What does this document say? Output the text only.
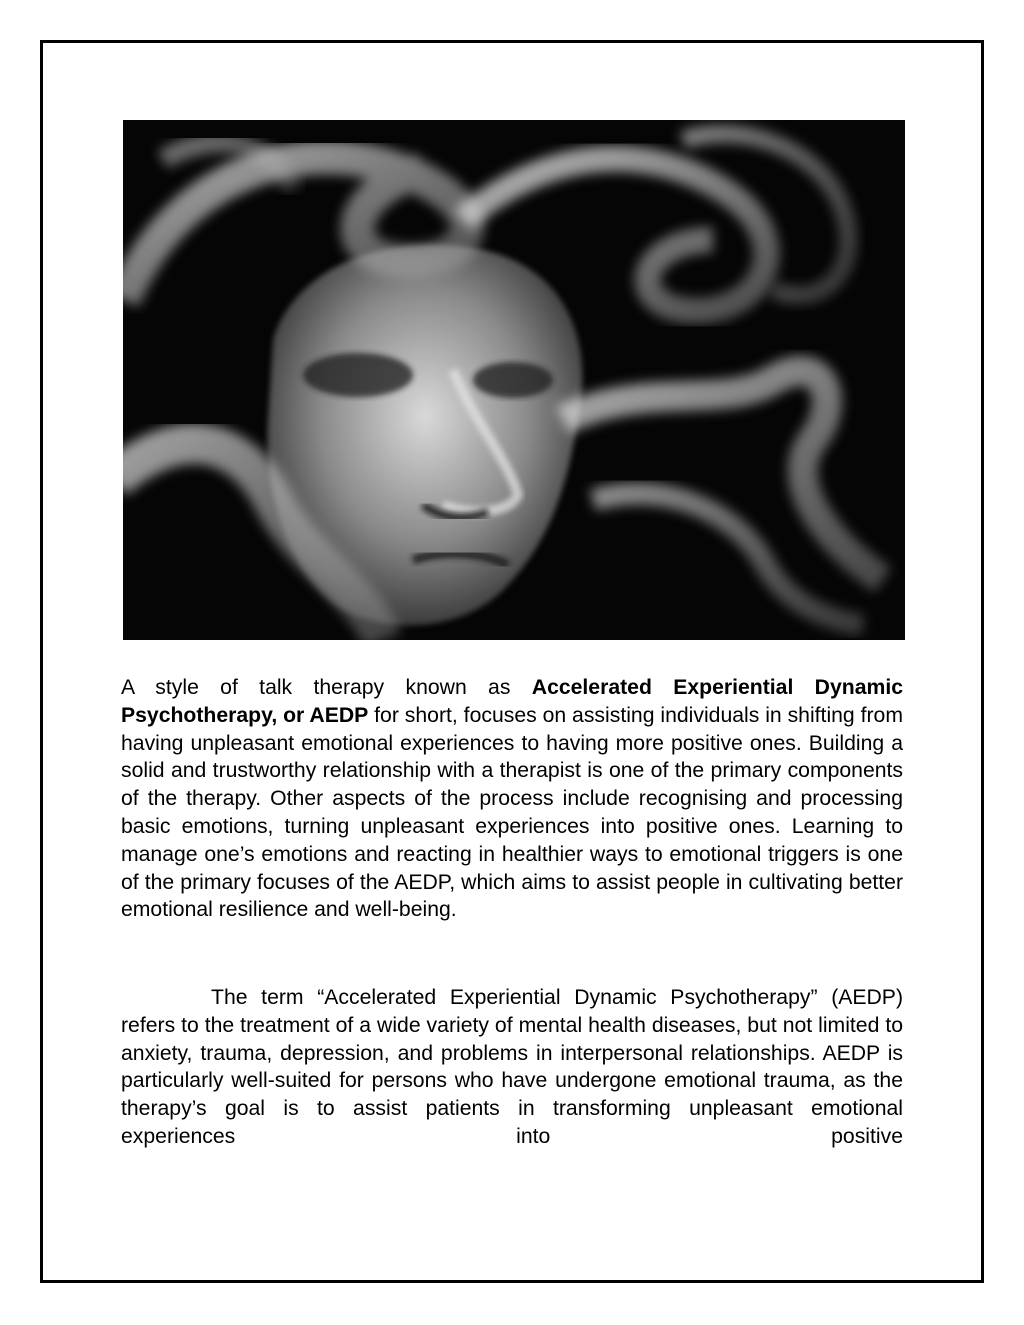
A style of talk therapy known as Accelerated Experiential Dynamic Psychotherapy, or AEDP for short, focuses on assisting individuals in shifting from having unpleasant emotional experiences to having more positive ones. Building a solid and trustworthy relationship with a therapist is one of the primary components of the therapy. Other aspects of the process include recognising and processing basic emotions, turning unpleasant experiences into positive ones. Learning to manage one’s emotions and reacting in healthier ways to emotional triggers is one of the primary focuses of the AEDP, which aims to assist people in cultivating better emotional resilience and well-being.

The term “Accelerated Experiential Dynamic Psychotherapy” (AEDP) refers to the treatment of a wide variety of mental health diseases, but not limited to anxiety, trauma, depression, and problems in interpersonal relationships. AEDP is particularly well-suited for persons who have undergone emotional trauma, as the therapy’s goal is to assist patients in transforming unpleasant emotional experiences into positive
